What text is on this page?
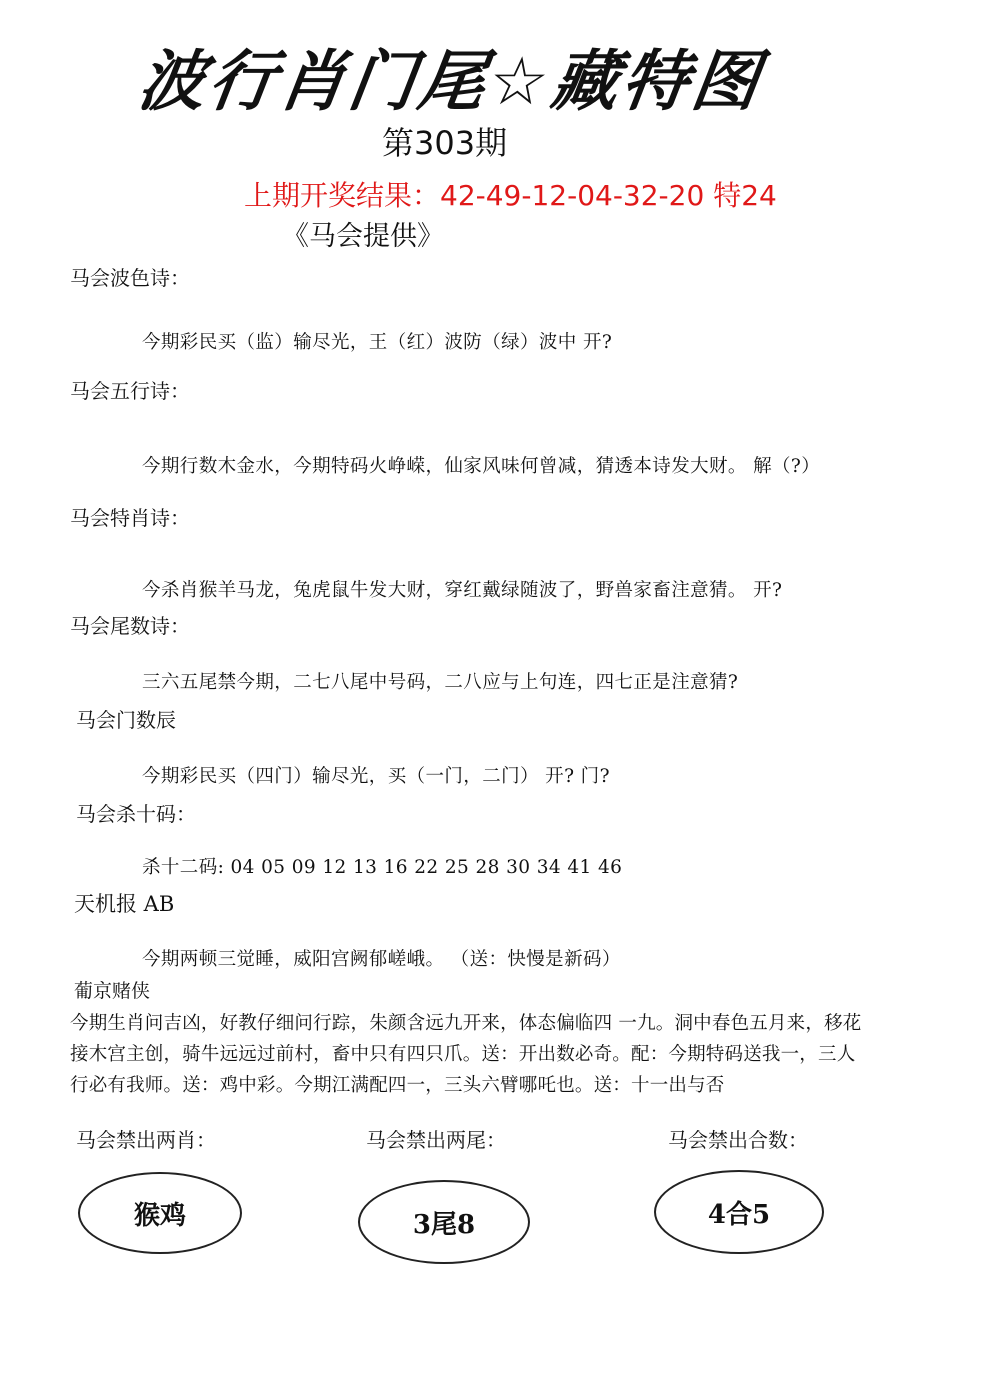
波行肖门尾☆藏特图
第303期
上期开奖结果：42-49-12-04-32-20 特24
《马会提供》
马会波色诗：
今期彩民买（监）输尽光，王（红）波防（绿）波中 开?
马会五行诗：
今期行数木金水，今期特码火峥嵘，仙家风味何曾减，猜透本诗发大财。 解（?）
马会特肖诗：
今杀肖猴羊马龙，兔虎鼠牛发大财，穿红戴绿随波了，野兽家畜注意猜。 开?
马会尾数诗：
三六五尾禁今期，二七八尾中号码，二八应与上句连，四七正是注意猜?
马会门数辰
今期彩民买（四门）输尽光，买（一门，二门） 开? 门?
马会杀十码：
杀十二码: 04 05 09 12 13 16 22 25 28 30 34 41 46
天机报 AB
今期两顿三觉睡，威阳宫阙郁嵯峨。 （送：快慢是新码）
葡京赌侠
今期生肖问吉凶，好教仔细问行踪，朱颜含远九开来，体态偏临四 一九。洞中春色五月来，移花
接木宫主创，骑牛远远过前村，畜中只有四只爪。送：开出数必奇。配：今期特码送我一，三人
行必有我师。送：鸡中彩。今期江满配四一，三头六臂哪吒也。送：十一出与否
马会禁出两肖：	马会禁出两尾：	马会禁出合数：
猴鸡	3尾8	4合5
